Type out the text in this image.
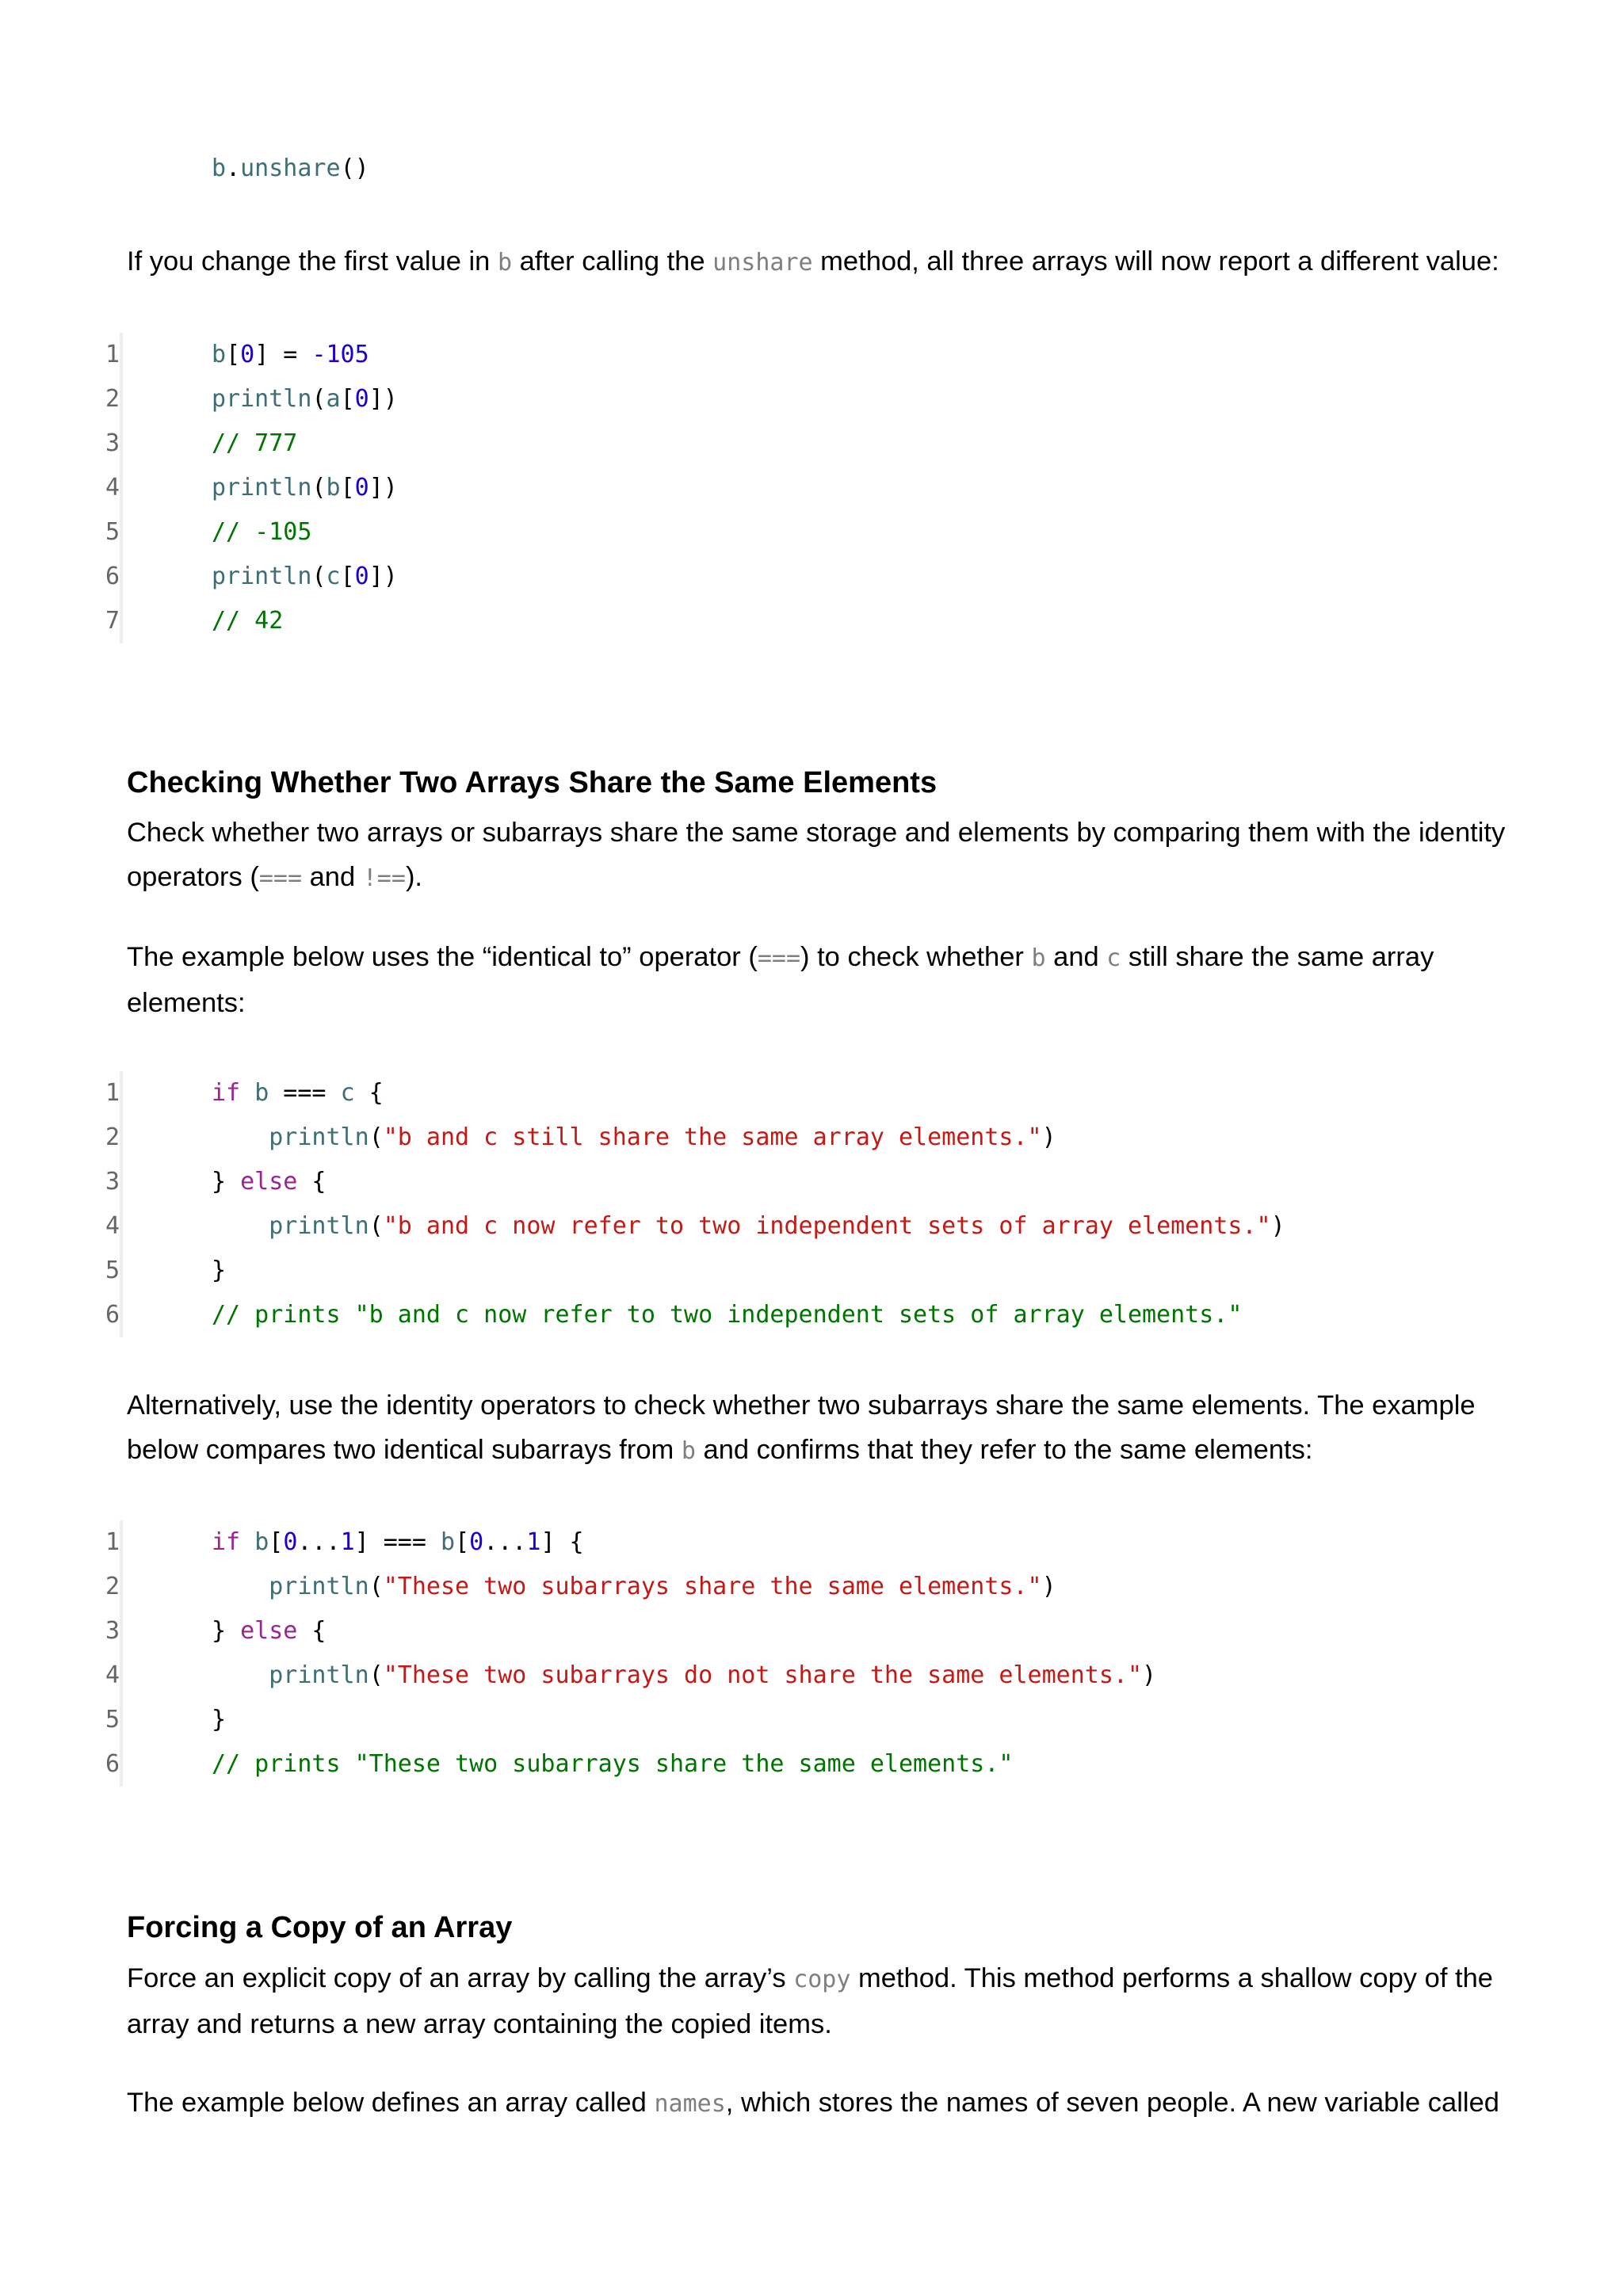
b.unshare()

If you change the first value in b after calling the unshare method, all three arrays will now report a different value:

1	b[0] = -105
2	println(a[0])
3	// 777
4	println(b[0])
5	// -105
6	println(c[0])
7	// 42
Checking Whether Two Arrays Share the Same Elements

Check whether two arrays or subarrays share the same storage and elements by comparing them with the identity operators (=== and !==).

The example below uses the “identical to” operator (===) to check whether b and c still share the same array elements:

1	if b === c {
2	println("b and c still share the same array elements.")
3	} else {
4	println("b and c now refer to two independent sets of array elements.")
5	}
6	// prints "b and c now refer to two independent sets of array elements."

Alternatively, use the identity operators to check whether two subarrays share the same elements. The example below compares two identical subarrays from b and confirms that they refer to the same elements:

1	if b[0...1] === b[0...1] {
2	println("These two subarrays share the same elements.")
3	} else {
4	println("These two subarrays do not share the same elements.")
5	}
6	// prints "These two subarrays share the same elements."
Forcing a Copy of an Array

Force an explicit copy of an array by calling the array’s copy method. This method performs a shallow copy of the array and returns a new array containing the copied items.

The example below defines an array called names, which stores the names of seven people. A new variable called
